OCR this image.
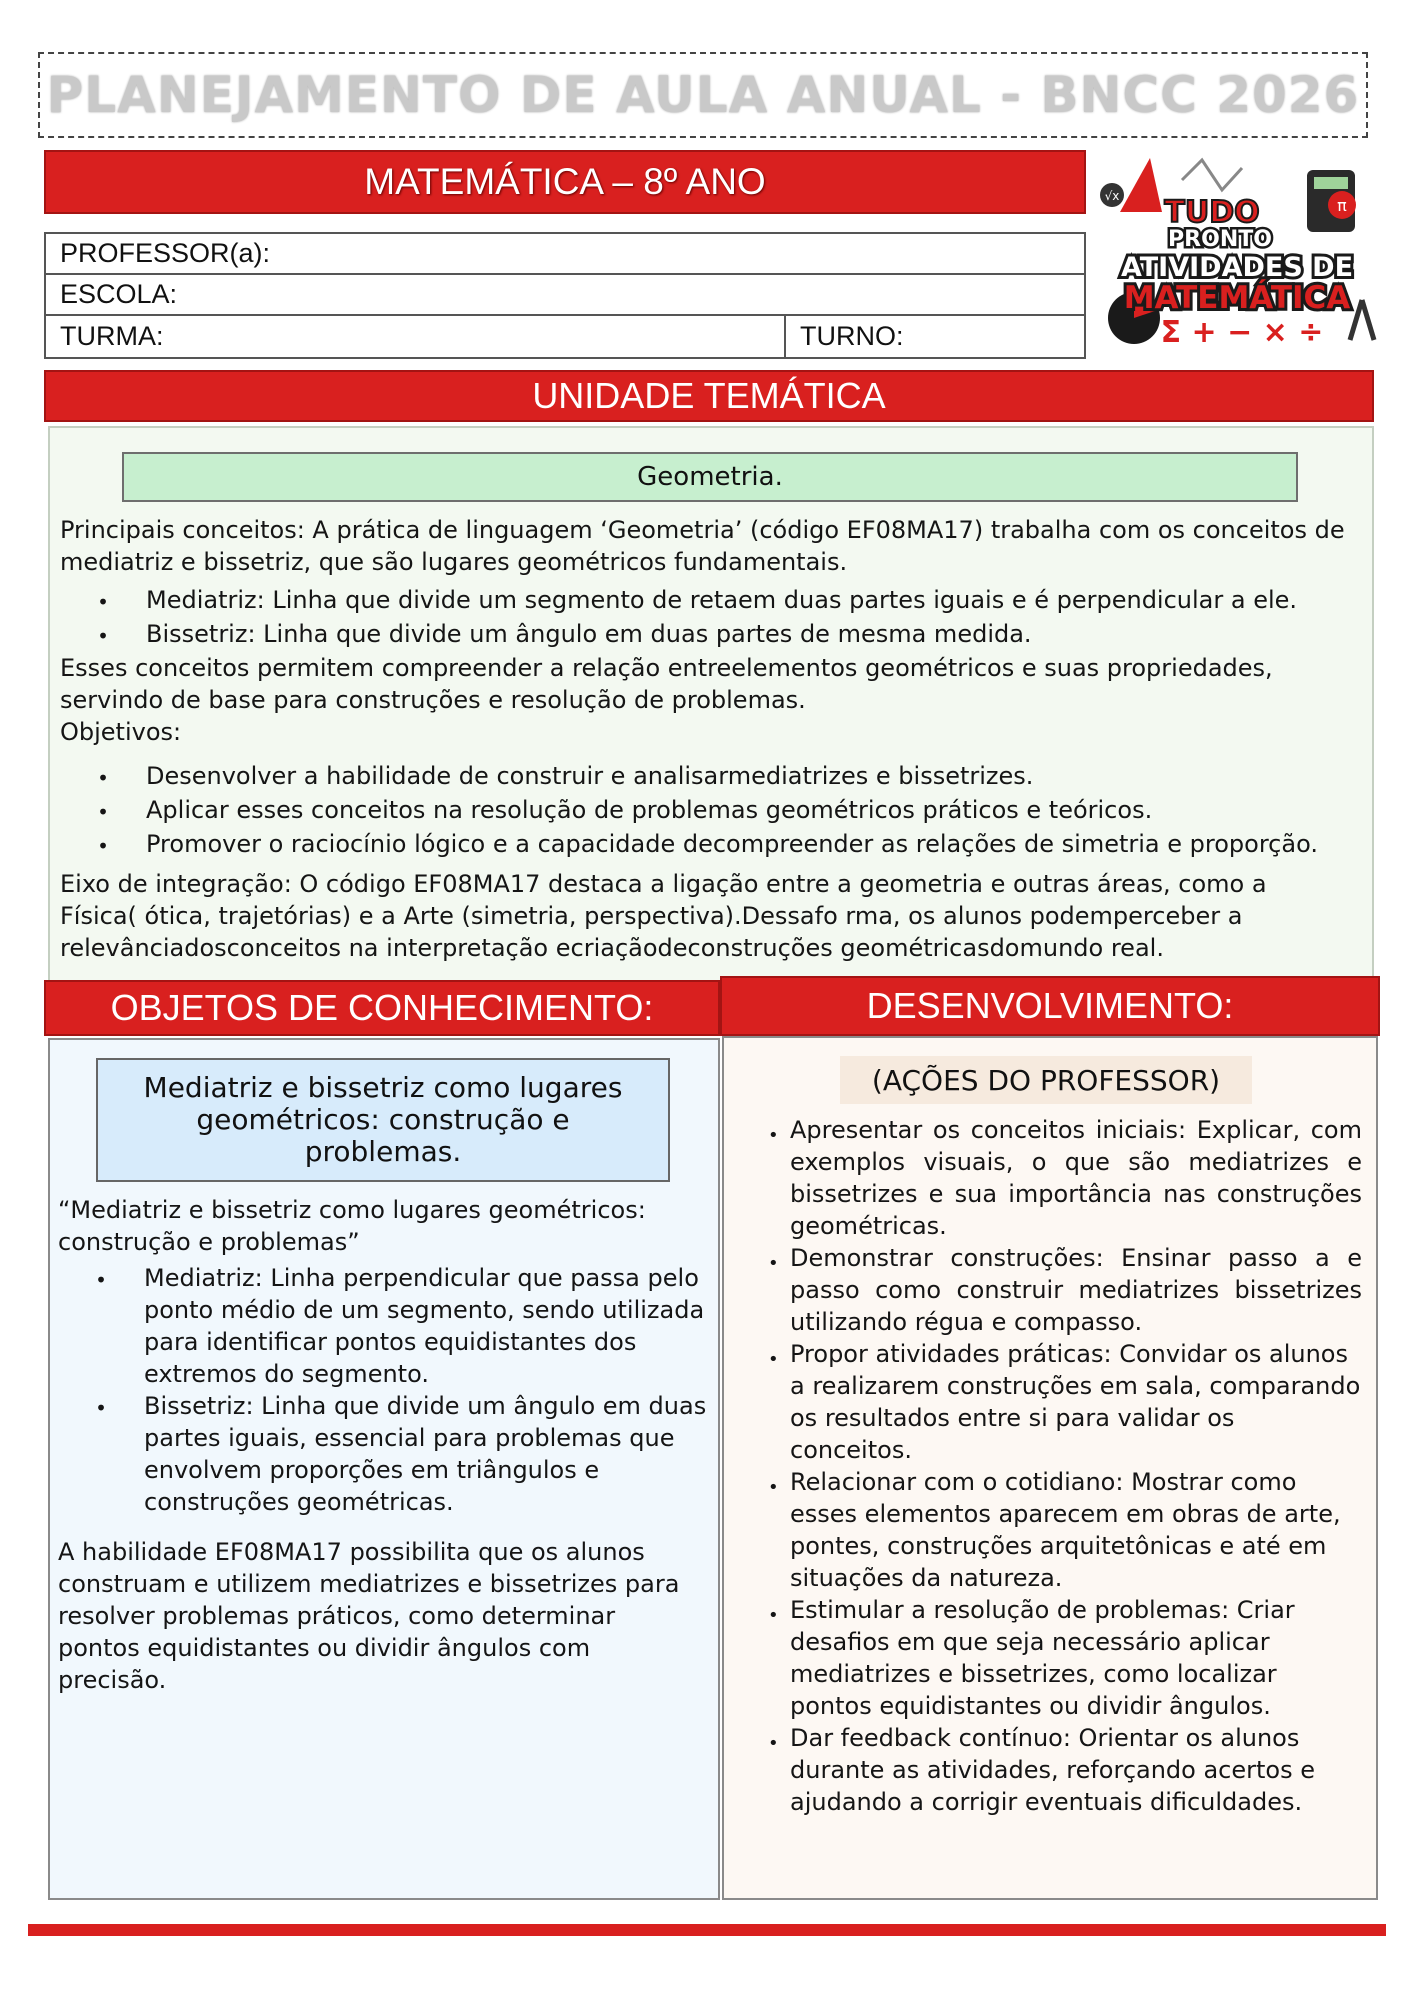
PLANEJAMENTO DE AULA ANUAL - BNCC 2026
MATEMÁTICA – 8º ANO
PROFESSOR(a):
ESCOLA:
TURMA:	TURNO:
π
√x TUDO
PRONTO
ATIVIDADES DE
MATEMÁTICA
Σ + − × ÷
UNIDADE TEMÁTICA
Geometria.
Principais conceitos: A prática de linguagem ‘Geometria’ (código EF08MA17) trabalha com os conceitos de mediatriz e bissetriz, que são lugares geométricos fundamentais.
•	Mediatriz: Linha que divide um segmento de retaem duas partes iguais e é perpendicular a ele.
•	Bissetriz: Linha que divide um ângulo em duas partes de mesma medida.
Esses conceitos permitem compreender a relação entreelementos geométricos e suas propriedades, servindo de base para construções e resolução de problemas.
Objetivos:
•	Desenvolver a habilidade de construir e analisarmediatrizes e bissetrizes.
•	Aplicar esses conceitos na resolução de problemas geométricos práticos e teóricos.
•	Promover o raciocínio lógico e a capacidade decompreender as relações de simetria e proporção.
Eixo de integração: O código EF08MA17 destaca a ligação entre a geometria e outras áreas, como a
Física( ótica, trajetórias) e a Arte (simetria, perspectiva).Dessafo rma, os alunos podemperceber a
relevânciadosconceitos na interpretação ecriaçãodeconstruções geométricasdomundo real.
OBJETOS DE CONHECIMENTO:	DESENVOLVIMENTO:
Mediatriz e bissetriz como lugares geométricos: construção e problemas.
“Mediatriz e bissetriz como lugares geométricos: construção e problemas”
•	Mediatriz: Linha perpendicular que passa pelo ponto médio de um segmento, sendo utilizada para identificar pontos equidistantes dos extremos do segmento.
•	Bissetriz: Linha que divide um ângulo em duas partes iguais, essencial para problemas que envolvem proporções em triângulos e construções geométricas.
A habilidade EF08MA17 possibilita que os alunos construam e utilizem mediatrizes e bissetrizes para resolver problemas práticos, como determinar pontos equidistantes ou dividir ângulos com precisão.
(AÇÕES DO PROFESSOR)
• Apresentar os conceitos iniciais: Explicar, com exemplos visuais, o que são mediatrizes e bissetrizes e sua importância nas construções geométricas.
• Demonstrar construções: Ensinar passo a e passo como construir mediatrizes bissetrizes utilizando régua e compasso.
• Propor atividades práticas: Convidar os alunos a realizarem construções em sala, comparando os resultados entre si para validar os conceitos.
• Relacionar com o cotidiano: Mostrar como esses elementos aparecem em obras de arte, pontes, construções arquitetônicas e até em situações da natureza.
• Estimular a resolução de problemas: Criar desafios em que seja necessário aplicar mediatrizes e bissetrizes, como localizar pontos equidistantes ou dividir ângulos.
• Dar feedback contínuo: Orientar os alunos durante as atividades, reforçando acertos e ajudando a corrigir eventuais dificuldades.
